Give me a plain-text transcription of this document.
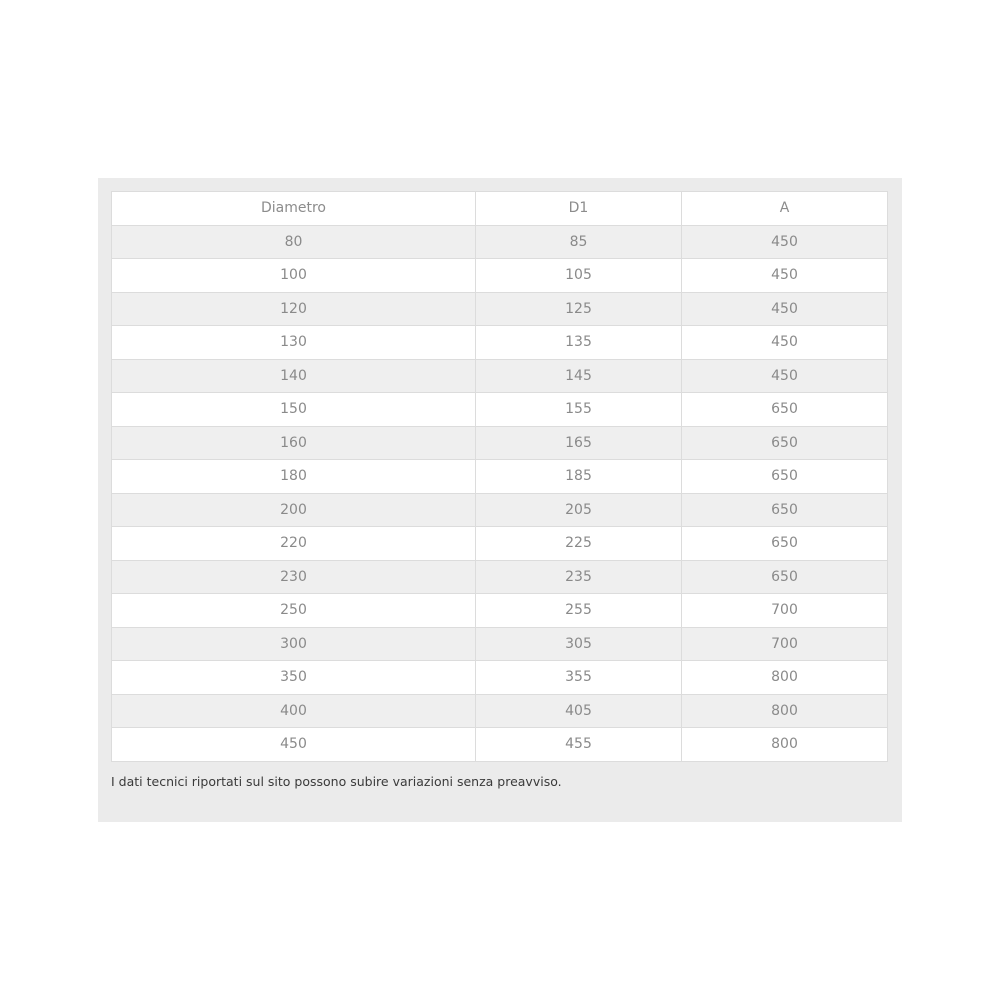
Diametro	D1	A
80	85	450
100	105	450
120	125	450
130	135	450
140	145	450
150	155	650
160	165	650
180	185	650
200	205	650
220	225	650
230	235	650
250	255	700
300	305	700
350	355	800
400	405	800
450	455	800
I dati tecnici riportati sul sito possono subire variazioni senza preavviso.
